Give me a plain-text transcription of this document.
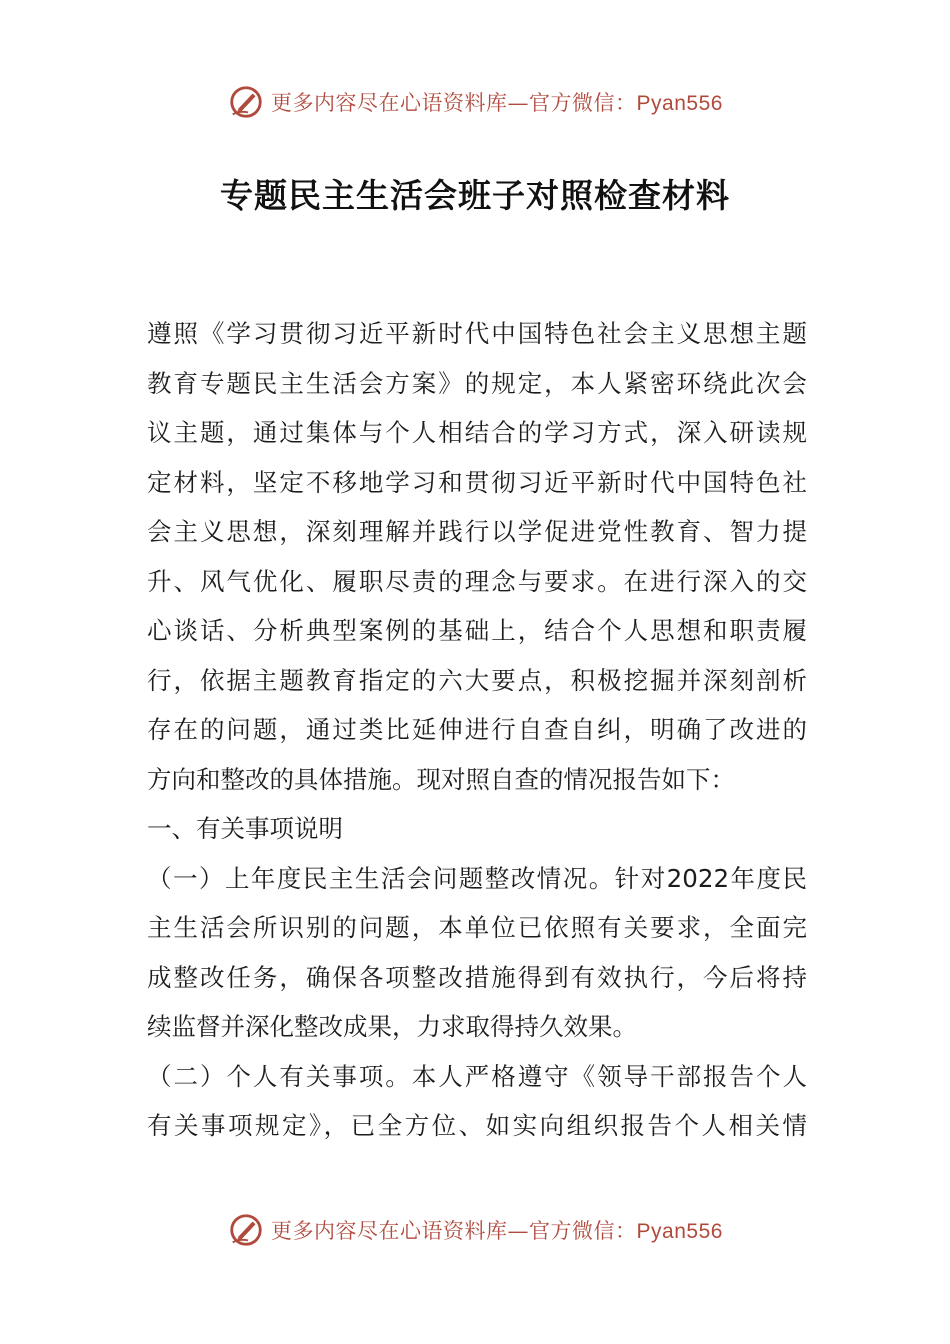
更多内容尽在心语资料库—官方微信：Pyan556
专题民主生活会班子对照检查材料
遵照《学习贯彻习近平新时代中国特色社会主义思想主题
教育专题民主生活会方案》的规定，本人紧密环绕此次会
议主题，通过集体与个人相结合的学习方式，深入研读规
定材料，坚定不移地学习和贯彻习近平新时代中国特色社
会主义思想，深刻理解并践行以学促进党性教育、智力提
升、风气优化、履职尽责的理念与要求。在进行深入的交
心谈话、分析典型案例的基础上，结合个人思想和职责履
行，依据主题教育指定的六大要点，积极挖掘并深刻剖析
存在的问题，通过类比延伸进行自查自纠，明确了改进的
方向和整改的具体措施。现对照自查的情况报告如下：
一、有关事项说明
（一）上年度民主生活会问题整改情况。针对2022年度民
主生活会所识别的问题，本单位已依照有关要求，全面完
成整改任务，确保各项整改措施得到有效执行，今后将持
续监督并深化整改成果，力求取得持久效果。
（二）个人有关事项。本人严格遵守《领导干部报告个人
有关事项规定》，已全方位、如实向组织报告个人相关情
更多内容尽在心语资料库—官方微信：Pyan556
